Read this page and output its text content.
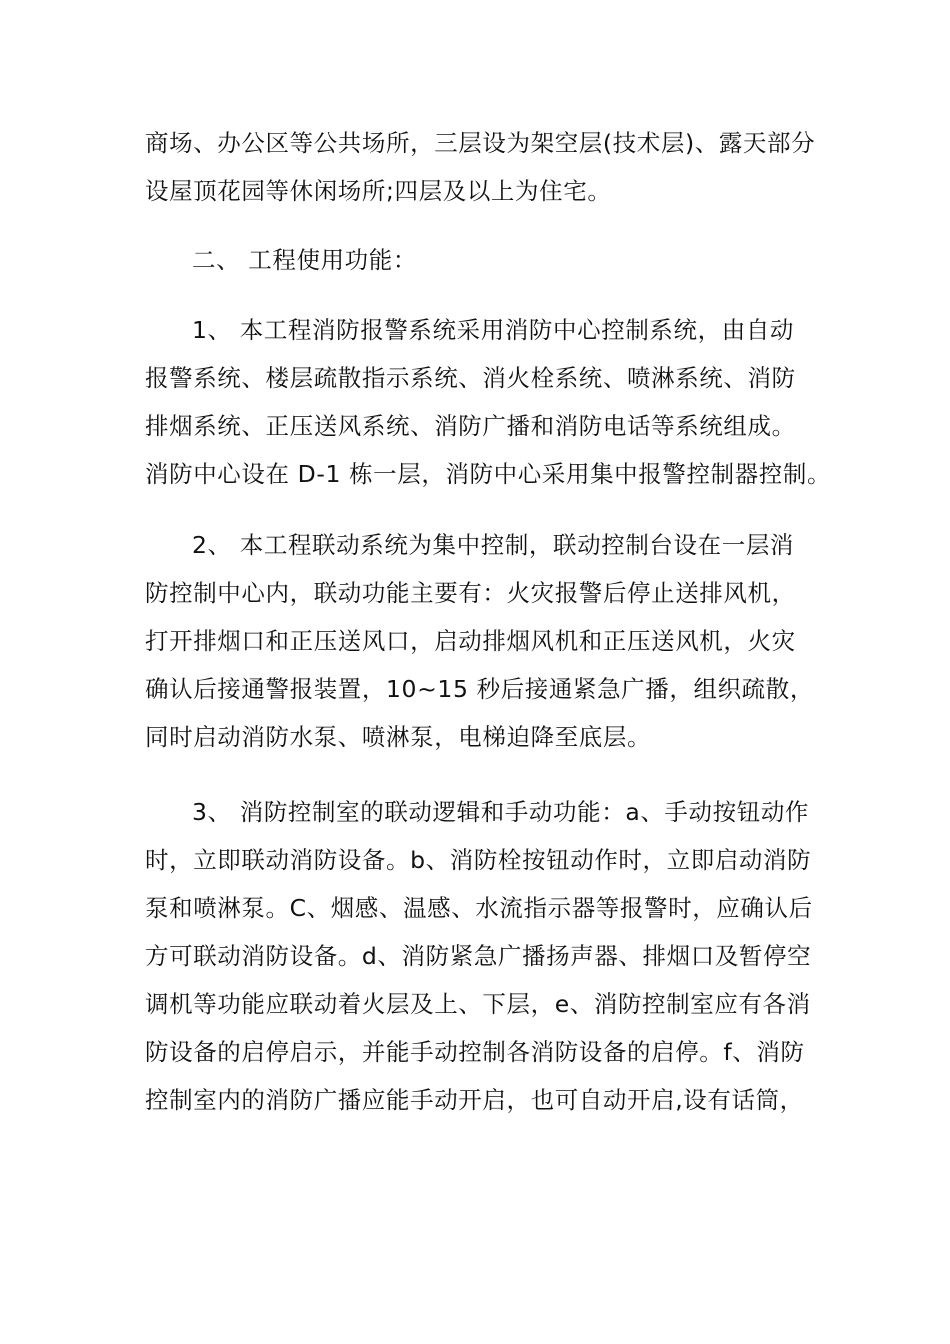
商场、办公区等公共场所，三层设为架空层(技术层)、露天部分
设屋顶花园等休闲场所;四层及以上为住宅。
二、 工程使用功能：
1、 本工程消防报警系统采用消防中心控制系统，由自动
报警系统、楼层疏散指示系统、消火栓系统、喷淋系统、消防
排烟系统、正压送风系统、消防广播和消防电话等系统组成。
消防中心设在 D-1 栋一层，消防中心采用集中报警控制器控制。
2、 本工程联动系统为集中控制，联动控制台设在一层消
防控制中心内，联动功能主要有：火灾报警后停止送排风机，
打开排烟口和正压送风口，启动排烟风机和正压送风机，火灾
确认后接通警报装置，10~15 秒后接通紧急广播，组织疏散，
同时启动消防水泵、喷淋泵，电梯迫降至底层。
3、 消防控制室的联动逻辑和手动功能：a、手动按钮动作
时，立即联动消防设备。b、消防栓按钮动作时，立即启动消防
泵和喷淋泵。C、烟感、温感、水流指示器等报警时，应确认后
方可联动消防设备。d、消防紧急广播扬声器、排烟口及暂停空
调机等功能应联动着火层及上、下层，e、消防控制室应有各消
防设备的启停启示，并能手动控制各消防设备的启停。f、消防
控制室内的消防广播应能手动开启，也可自动开启,设有话筒，
